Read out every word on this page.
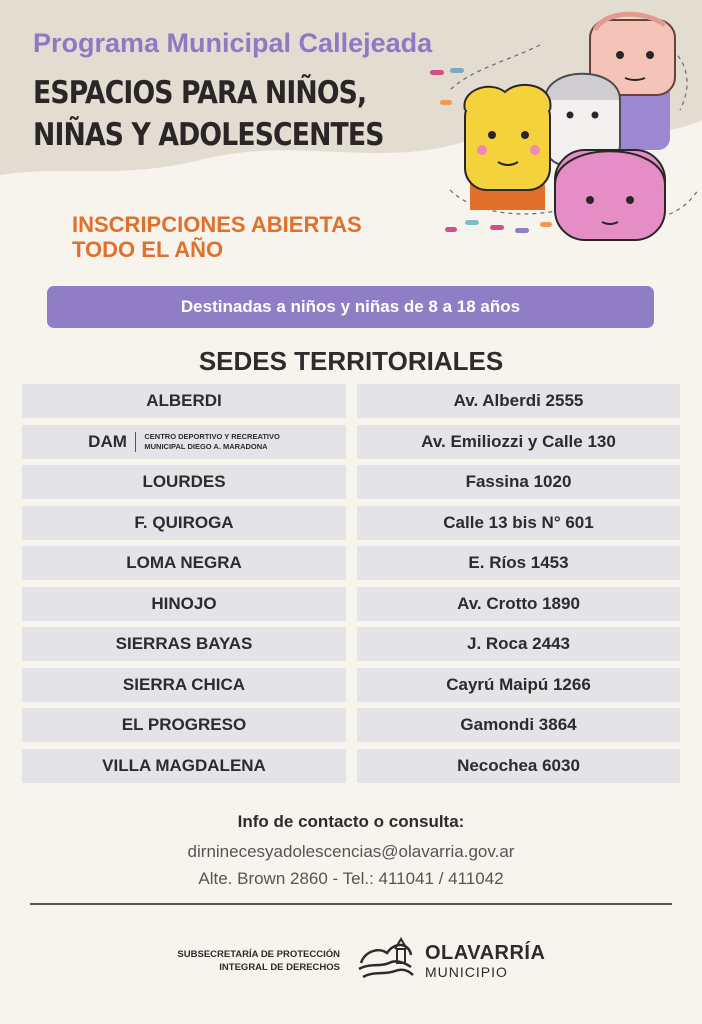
Programa Municipal Callejeada
ESPACIOS PARA NIÑOS,
NIÑAS Y ADOLESCENTES
INSCRIPCIONES ABIERTAS
TODO EL AÑO
Destinadas a niños y niñas de 8 a 18 años
SEDES TERRITORIALES
ALBERDI	Av. Alberdi 2555
DAM CENTRO DEPORTIVO Y RECREATIVO
MUNICIPAL DIEGO A. MARADONA	Av. Emiliozzi y Calle 130
LOURDES	Fassina 1020
F. QUIROGA	Calle 13 bis N° 601
LOMA NEGRA	E. Ríos 1453
HINOJO	Av. Crotto 1890
SIERRAS BAYAS	J. Roca 2443
SIERRA CHICA	Cayrú Maipú 1266
EL PROGRESO	Gamondi 3864
VILLA MAGDALENA	Necochea 6030
Info de contacto o consulta:
dirninecesyadolescencias@olavarria.gov.ar
Alte. Brown 2860 - Tel.: 411041 / 411042
SUBSECRETARÍA DE PROTECCIÓN
INTEGRAL DE DERECHOS
OLAVARRÍA
MUNICIPIO
